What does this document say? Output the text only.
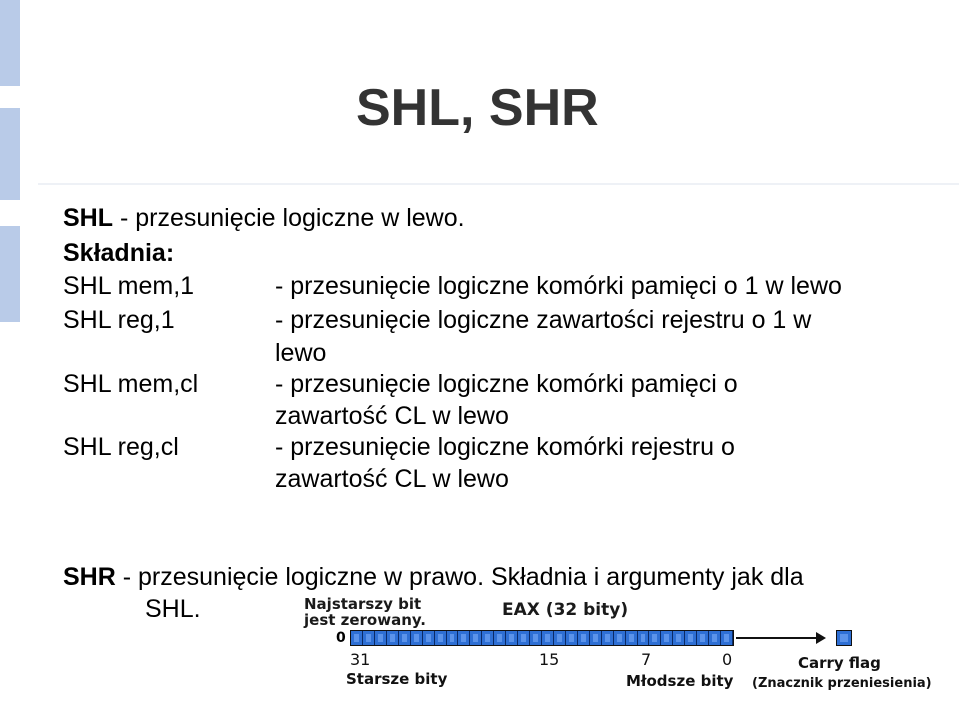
SHL, SHR
SHL - przesunięcie logiczne w lewo.
Składnia:
SHL mem,1	- przesunięcie logiczne komórki pamięci o 1 w lewo
SHL reg,1	- przesunięcie logiczne zawartości rejestru o 1 w
lewo
SHL mem,cl	- przesunięcie logiczne komórki pamięci o
zawartość CL w lewo
SHL reg,cl	- przesunięcie logiczne komórki rejestru o
zawartość CL w lewo
SHR - przesunięcie logiczne w prawo. Składnia i argumenty jak dla
SHL.	Najstarszy bit
jest zerowany.	EAX (32 bity)
0
31	15	7	0	Carry flag
Starsze bity	Młodsze bity (Znacznik przeniesienia)
